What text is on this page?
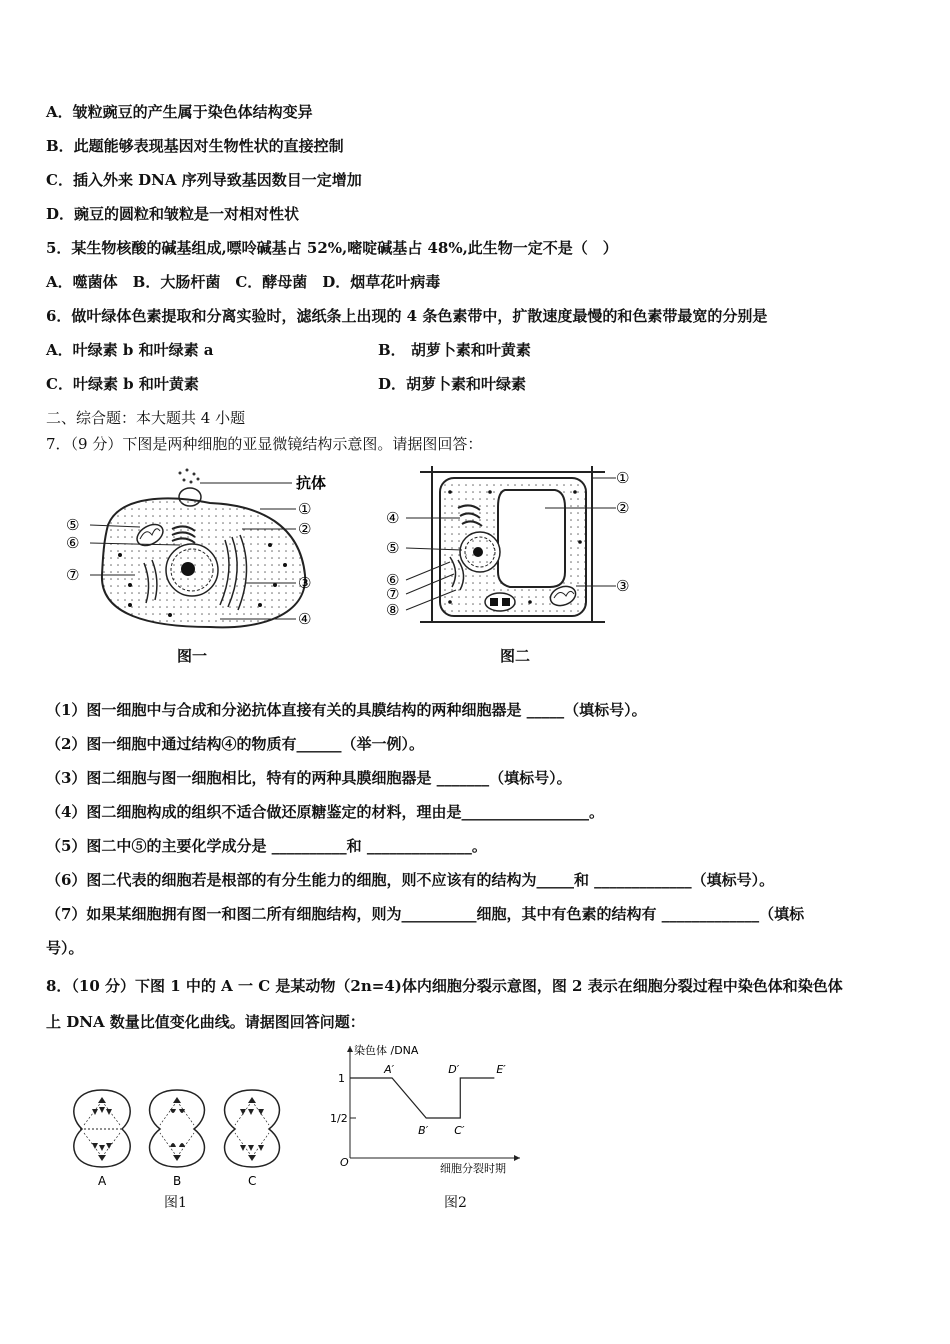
A．皱粒豌豆的产生属于染色体结构变异
B．此题能够表现基因对生物性状的直接控制
C．插入外来 DNA 序列导致基因数目一定增加
D．豌豆的圆粒和皱粒是一对相对性状
5．某生物核酸的碱基组成,嘌呤碱基占 52%,嘧啶碱基占 48%,此生物一定不是（　）
A．噬菌体　B．大肠杆菌　C．酵母菌　D．烟草花叶病毒
6．做叶绿体色素提取和分离实验时，滤纸条上出现的 4 条色素带中，扩散速度最慢的和色素带最宽的分别是
A．叶绿素 b 和叶绿素 a	B． 胡萝卜素和叶黄素
C．叶绿素 b 和叶黄素	D．胡萝卜素和叶绿素
二、综合题：本大题共 4 小题
7．（9 分）下图是两种细胞的亚显微镜结构示意图。请据图回答：
抗体
①
②
③
④
⑤
⑥
⑦
图一
①
②
③
④
⑤
⑥
⑦
⑧
图二
（1）图一细胞中与合成和分泌抗体直接有关的具膜结构的两种细胞器是 _____（填标号）。
（2）图一细胞中通过结构④的物质有______（举一例）。
（3）图二细胞与图一细胞相比，特有的两种具膜细胞器是 _______（填标号）。
（4）图二细胞构成的组织不适合做还原糖鉴定的材料，理由是_________________。
（5）图二中⑤的主要化学成分是 __________和 ______________。
（6）图二代表的细胞若是根部的有分生能力的细胞，则不应该有的结构为_____和 _____________（填标号）。
（7）如果某细胞拥有图一和图二所有细胞结构，则为__________细胞，其中有色素的结构有 _____________（填标
号）。
8．（10 分）下图 1 中的 A 一 C 是某动物（2n=4)体内细胞分裂示意图，图 2 表示在细胞分裂过程中染色体和染色体
上 DNA 数量比值变化曲线。请据图回答问题：
A	B	C
图1
染色体 /DNA
细胞分裂时期
O
1
1/2
A′
B′ C′
D′	E′
图2
